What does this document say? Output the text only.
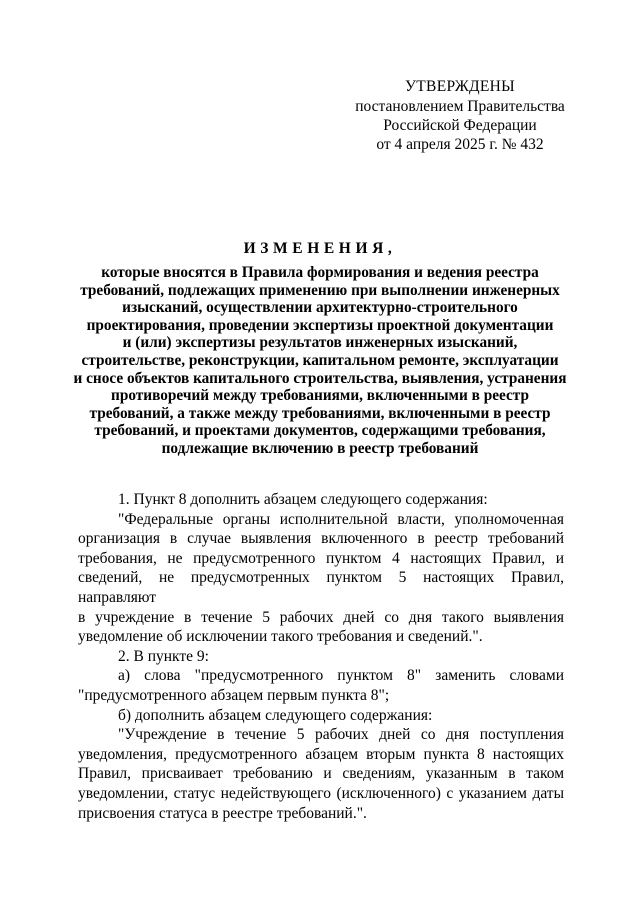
УТВЕРЖДЕНЫ
постановлением Правительства
Российской Федерации
от 4 апреля 2025 г. № 432
ИЗМЕНЕНИЯ,
которые вносятся в Правила формирования и ведения реестра
требований, подлежащих применению при выполнении инженерных
изысканий, осуществлении архитектурно-строительного
проектирования, проведении экспертизы проектной документации
и (или) экспертизы результатов инженерных изысканий,
строительстве, реконструкции, капитальном ремонте, эксплуатации
и сносе объектов капитального строительства, выявления, устранения
противоречий между требованиями, включенными в реестр
требований, а также между требованиями, включенными в реестр
требований, и проектами документов, содержащими требования,
подлежащие включению в реестр требований
1. Пункт 8 дополнить абзацем следующего содержания:
"Федеральные органы исполнительной власти, уполномоченная
организация в случае выявления включенного в реестр требований
требования, не предусмотренного пунктом 4 настоящих Правил, и
сведений, не предусмотренных пунктом 5 настоящих Правил, направляют
в учреждение в течение 5 рабочих дней со дня такого выявления
уведомление об исключении такого требования и сведений.".
2. В пункте 9:
а) слова "предусмотренного пунктом 8" заменить словами
"предусмотренного абзацем первым пункта 8";
б) дополнить абзацем следующего содержания:
"Учреждение в течение 5 рабочих дней со дня поступления
уведомления, предусмотренного абзацем вторым пункта 8 настоящих
Правил, присваивает требованию и сведениям, указанным в таком
уведомлении, статус недействующего (исключенного) с указанием даты
присвоения статуса в реестре требований.".
